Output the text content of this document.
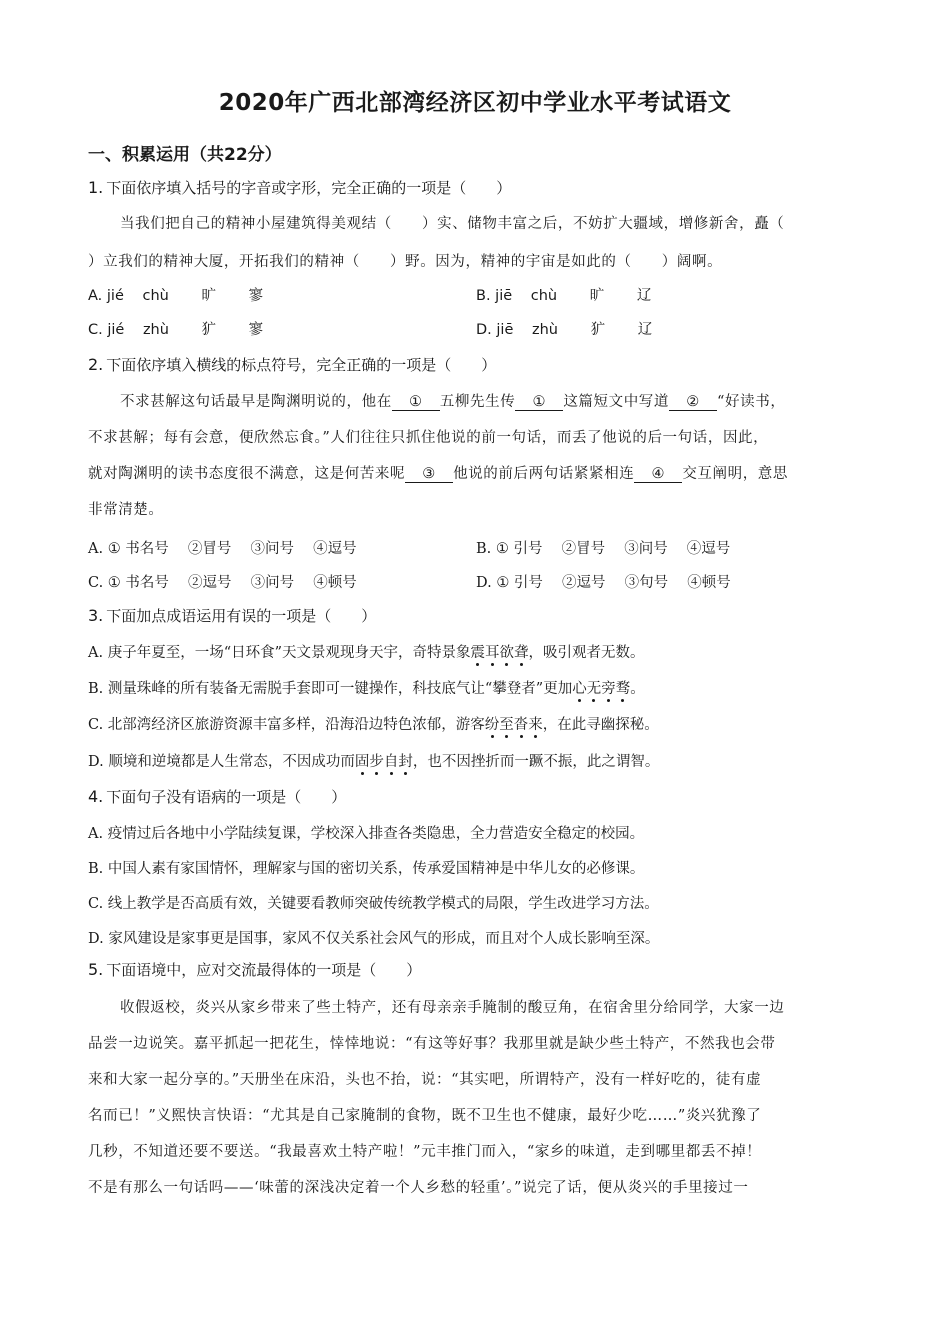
2020年广西北部湾经济区初中学业水平考试语文
一、积累运用（共22分）
1. 下面依序填入括号的字音或字形，完全正确的一项是（　　）
当我们把自己的精神小屋建筑得美观结（　　）实、储物丰富之后，不妨扩大疆域，增修新舍，矗（
）立我们的精神大厦，开拓我们的精神（　　）野。因为，精神的宇宙是如此的（　　）阔啊。
A. jié chù 旷 寥	B. jiē chù 旷 辽
C. jié zhù 犷 寥	D. jiē zhù 犷 辽
2. 下面依序填入横线的标点符号，完全正确的一项是（　　）
不求甚解这句话最早是陶渊明说的，他在 ① 五柳先生传 ① 这篇短文中写道 ② “好读书，
不求甚解；每有会意，便欣然忘食。”人们往往只抓住他说的前一句话，而丢了他说的后一句话，因此，
就对陶渊明的读书态度很不满意，这是何苦来呢 ③ 他说的前后两句话紧紧相连 ④ 交互阐明，意思
非常清楚。
A. ① 书名号　 ②冒号　 ③问号　 ④逗号	B. ① 引号　 ②冒号　 ③问号　 ④逗号
C. ① 书名号　 ②逗号　 ③问号　 ④顿号	D. ① 引号　 ②逗号　 ③句号　 ④顿号
3. 下面加点成语运用有误的一项是（　　）
A. 庚子年夏至，一场“日环食”天文景观现身天宇，奇特景象震耳欲聋，吸引观者无数。
B. 测量珠峰的所有装备无需脱手套即可一键操作，科技底气让“攀登者”更加心无旁骛。
C. 北部湾经济区旅游资源丰富多样，沿海沿边特色浓郁，游客纷至沓来，在此寻幽探秘。
D. 顺境和逆境都是人生常态，不因成功而固步自封，也不因挫折而一蹶不振，此之谓智。
4. 下面句子没有语病的一项是（　　）
A. 疫情过后各地中小学陆续复课，学校深入排查各类隐患，全力营造安全稳定的校园。
B. 中国人素有家国情怀，理解家与国的密切关系，传承爱国精神是中华儿女的必修课。
C. 线上教学是否高质有效，关键要看教师突破传统教学模式的局限，学生改进学习方法。
D. 家风建设是家事更是国事，家风不仅关系社会风气的形成，而且对个人成长影响至深。
5. 下面语境中，应对交流最得体的一项是（　　）
收假返校，炎兴从家乡带来了些土特产，还有母亲亲手腌制的酸豆角，在宿舍里分给同学，大家一边
品尝一边说笑。嘉平抓起一把花生，悻悻地说：“有这等好事？我那里就是缺少些土特产，不然我也会带
来和大家一起分享的。”天册坐在床沿，头也不抬，说：“其实吧，所谓特产，没有一样好吃的，徒有虚
名而已！”义熙快言快语：“尤其是自己家腌制的食物，既不卫生也不健康，最好少吃……”炎兴犹豫了
几秒，不知道还要不要送。“我最喜欢土特产啦！”元丰推门而入，“家乡的味道，走到哪里都丢不掉！
不是有那么一句话吗——‘味蕾的深浅决定着一个人乡愁的轻重’。”说完了话，便从炎兴的手里接过一
